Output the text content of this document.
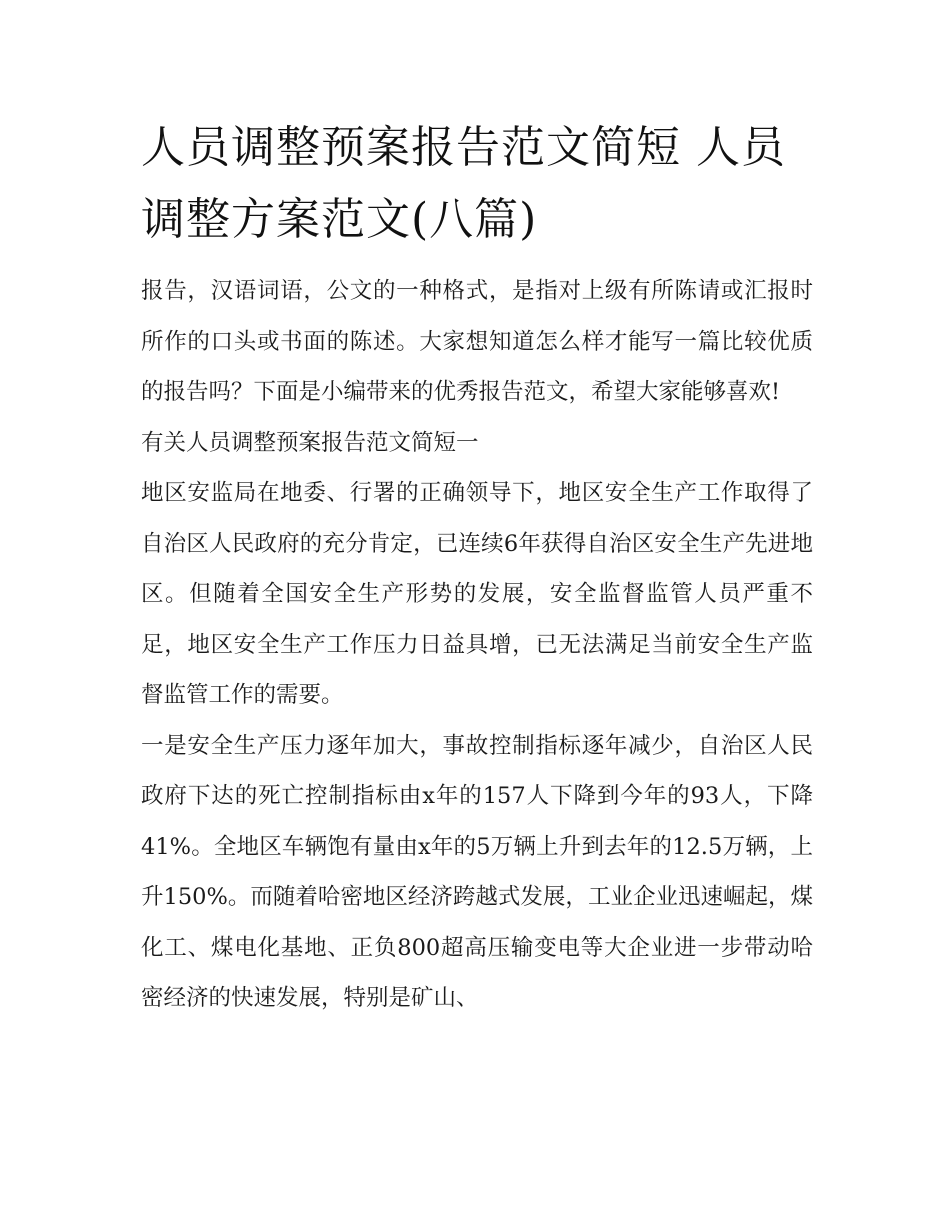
人员调整预案报告范文简短 人员调整方案范文(八篇)

报告，汉语词语，公文的一种格式，是指对上级有所陈请或汇报时所作的口头或书面的陈述。大家想知道怎么样才能写一篇比较优质的报告吗？下面是小编带来的优秀报告范文，希望大家能够喜欢!

有关人员调整预案报告范文简短一

地区安监局在地委、行署的正确领导下，地区安全生产工作取得了自治区人民政府的充分肯定，已连续6年获得自治区安全生产先进地区。但随着全国安全生产形势的发展，安全监督监管人员严重不足，地区安全生产工作压力日益具增，已无法满足当前安全生产监督监管工作的需要。

一是安全生产压力逐年加大，事故控制指标逐年减少，自治区人民政府下达的死亡控制指标由x年的157人下降到今年的93人，下降41%。全地区车辆饱有量由x年的5万辆上升到去年的12.5万辆，上升150%。而随着哈密地区经济跨越式发展，工业企业迅速崛起，煤化工、煤电化基地、正负800超高压输变电等大企业进一步带动哈密经济的快速发展，特别是矿山、
